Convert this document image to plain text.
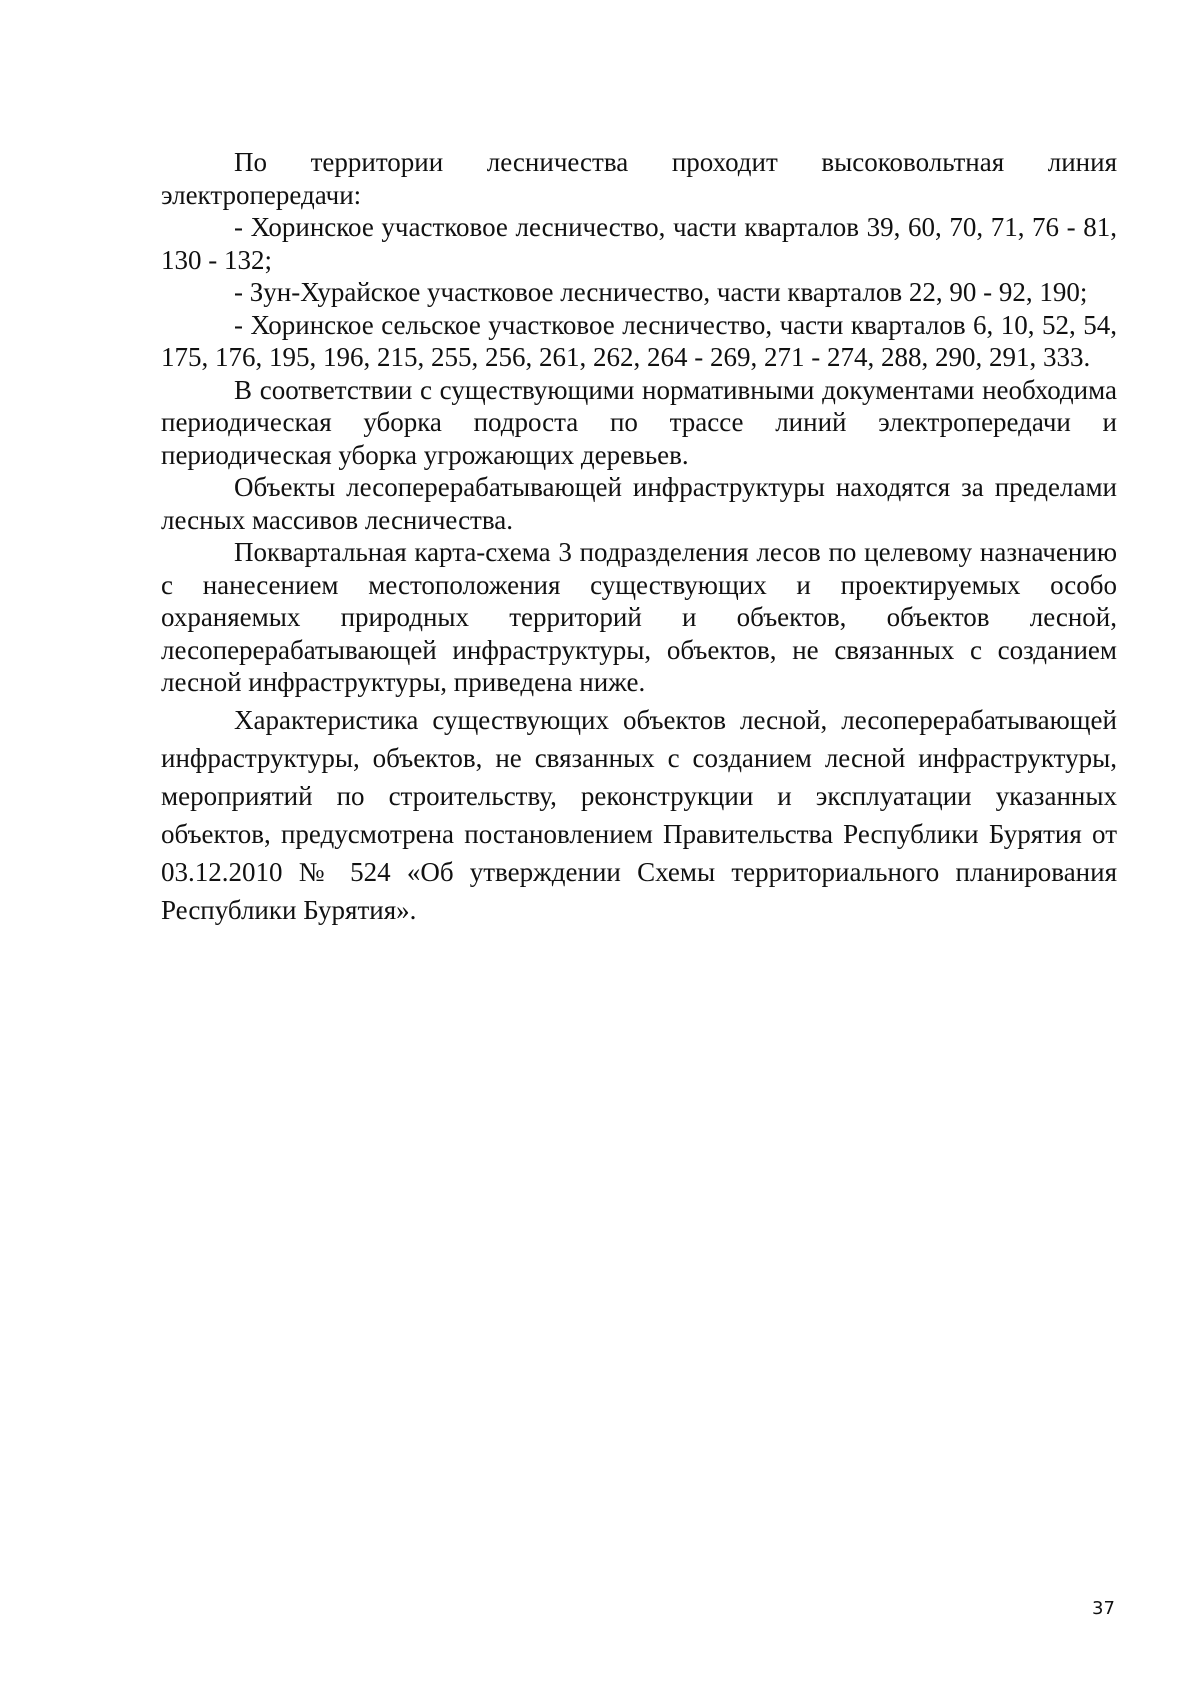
По территории лесничества проходит высоковольтная линия электропередачи:

- Хоринское участковое лесничество, части кварталов 39, 60, 70, 71, 76 - 81, 130 - 132;

- Зун-Хурайское участковое лесничество, части кварталов 22, 90 - 92, 190;

- Хоринское сельское участковое лесничество, части кварталов 6, 10, 52, 54, 175, 176, 195, 196, 215, 255, 256, 261, 262, 264 - 269, 271 - 274, 288, 290, 291, 333.

В соответствии с существующими нормативными документами необходима периодическая уборка подроста по трассе линий электропередачи и периодическая уборка угрожающих деревьев.

Объекты лесоперерабатывающей инфраструктуры находятся за пределами лесных массивов лесничества.

Поквартальная карта-схема 3 подразделения лесов по целевому назначению с нанесением местоположения существующих и проектируемых особо охраняемых природных территорий и объектов, объектов лесной, лесоперерабатывающей инфраструктуры, объектов, не связанных с созданием лесной инфраструктуры, приведена ниже.

Характеристика существующих объектов лесной, лесоперерабатывающей инфраструктуры, объектов, не связанных с созданием лесной инфраструктуры, мероприятий по строительству, реконструкции и эксплуатации указанных объектов, предусмотрена постановлением Правительства Республики Бурятия от 03.12.2010 № 524 «Об утверждении Схемы территориального планирования Республики Бурятия».

37
